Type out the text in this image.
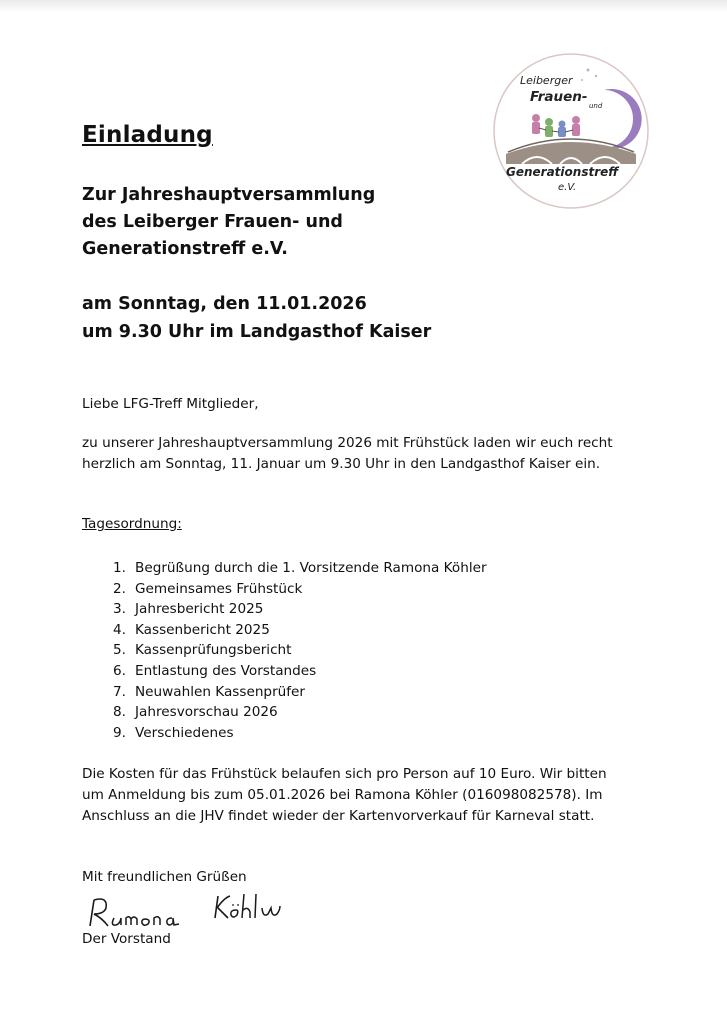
Leiberger
Frauen-
und
Generationstreff
e.V.
Einladung
Zur Jahreshauptversammlung
des Leiberger Frauen- und
Generationstreff e.V.
am Sonntag, den 11.01.2026
um 9.30 Uhr im Landgasthof Kaiser
Liebe LFG-Treff Mitglieder,
zu unserer Jahreshauptversammlung 2026 mit Frühstück laden wir euch recht
herzlich am Sonntag, 11. Januar um 9.30 Uhr in den Landgasthof Kaiser ein.
Tagesordnung:
1. Begrüßung durch die 1. Vorsitzende Ramona Köhler
2. Gemeinsames Frühstück
3. Jahresbericht 2025
4. Kassenbericht 2025
5. Kassenprüfungsbericht
6. Entlastung des Vorstandes
7. Neuwahlen Kassenprüfer
8. Jahresvorschau 2026
9. Verschiedenes
Die Kosten für das Frühstück belaufen sich pro Person auf 10 Euro. Wir bitten
um Anmeldung bis zum 05.01.2026 bei Ramona Köhler (016098082578). Im
Anschluss an die JHV findet wieder der Kartenvorverkauf für Karneval statt.
Mit freundlichen Grüßen
Der Vorstand
